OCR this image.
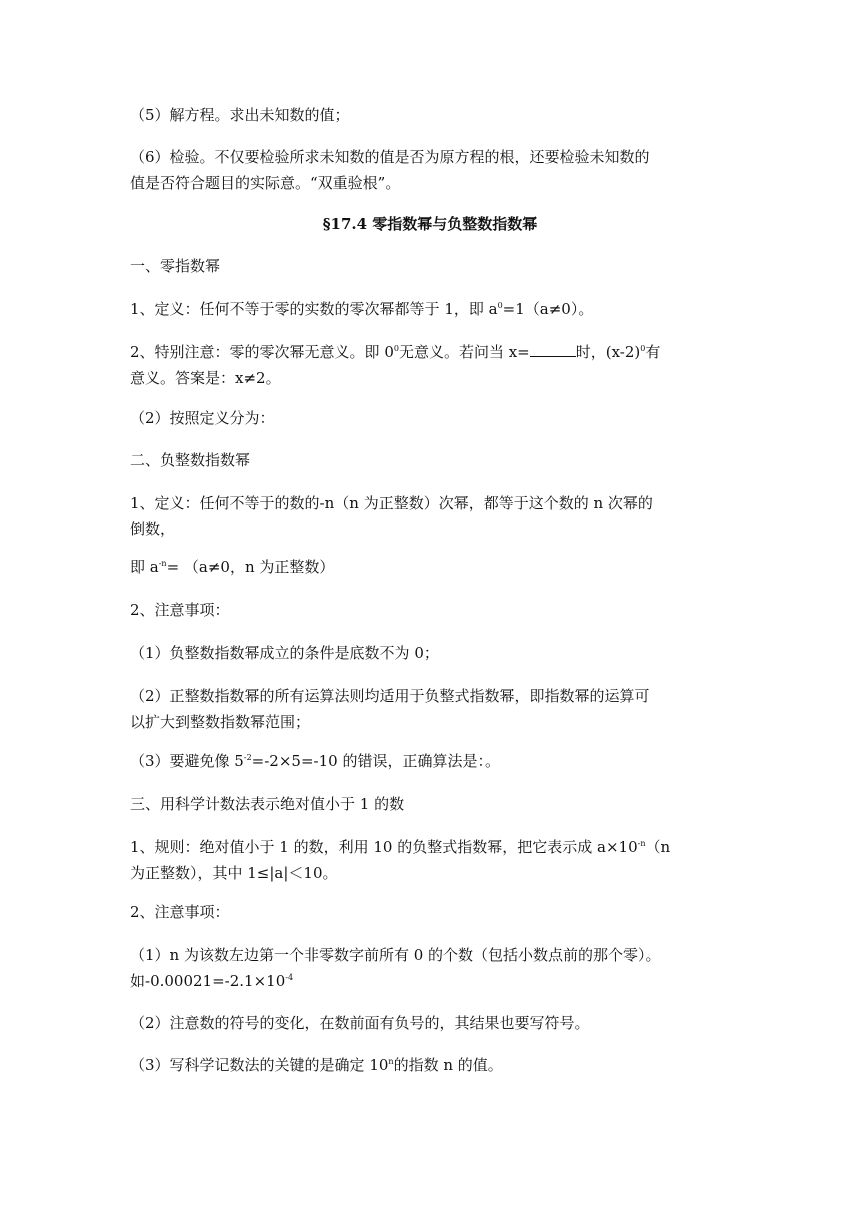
（5）解方程。求出未知数的值；
（6）检验。不仅要检验所求未知数的值是否为原方程的根，还要检验未知数的
值是否符合题目的实际意。“双重验根”。
§17.4 零指数幂与负整数指数幂
一、零指数幂
1、定义：任何不等于零的实数的零次幂都等于 1，即 $a^0=1(a\ne 0)$。
2、特别注意：零的零次幂无意义。即 $0^0$无意义。若问当 x=	时，$(x-2)^0$有
意义。答案是：x≠2。
（2）按照定义分为：
二、负整数指数幂
1、定义：任何不等于的数的-n（n 为正整数）次幂，都等于这个数的 n 次幂的
倒数，
即 $a^{-n}= (a\ne 0$，n 为正整数）
2、注意事项：
（1）负整数指数幂成立的条件是底数不为 0；
（2）正整数指数幂的所有运算法则均适用于负整式指数幂，即指数幂的运算可
以扩大到整数指数幂范围；
（3）要避免像 $5^{-2}=-2\times 5=-10$ 的错误，正确算法是：。
三、用科学计数法表示绝对值小于 1 的数
1、规则：绝对值小于 1 的数，利用 10 的负整式指数幂，把它表示成 $a\times 10^{-n}(n$
为正整数），其中 1≤|a|＜10。
2、注意事项：
（1）n 为该数左边第一个非零数字前所有 0 的个数（包括小数点前的那个零）。
如$-0.00021=-2.1\times 10^{-4}$
（2）注意数的符号的变化，在数前面有负号的，其结果也要写符号。
（3）写科学记数法的关键的是确定 10$^n$的指数 n 的值。
